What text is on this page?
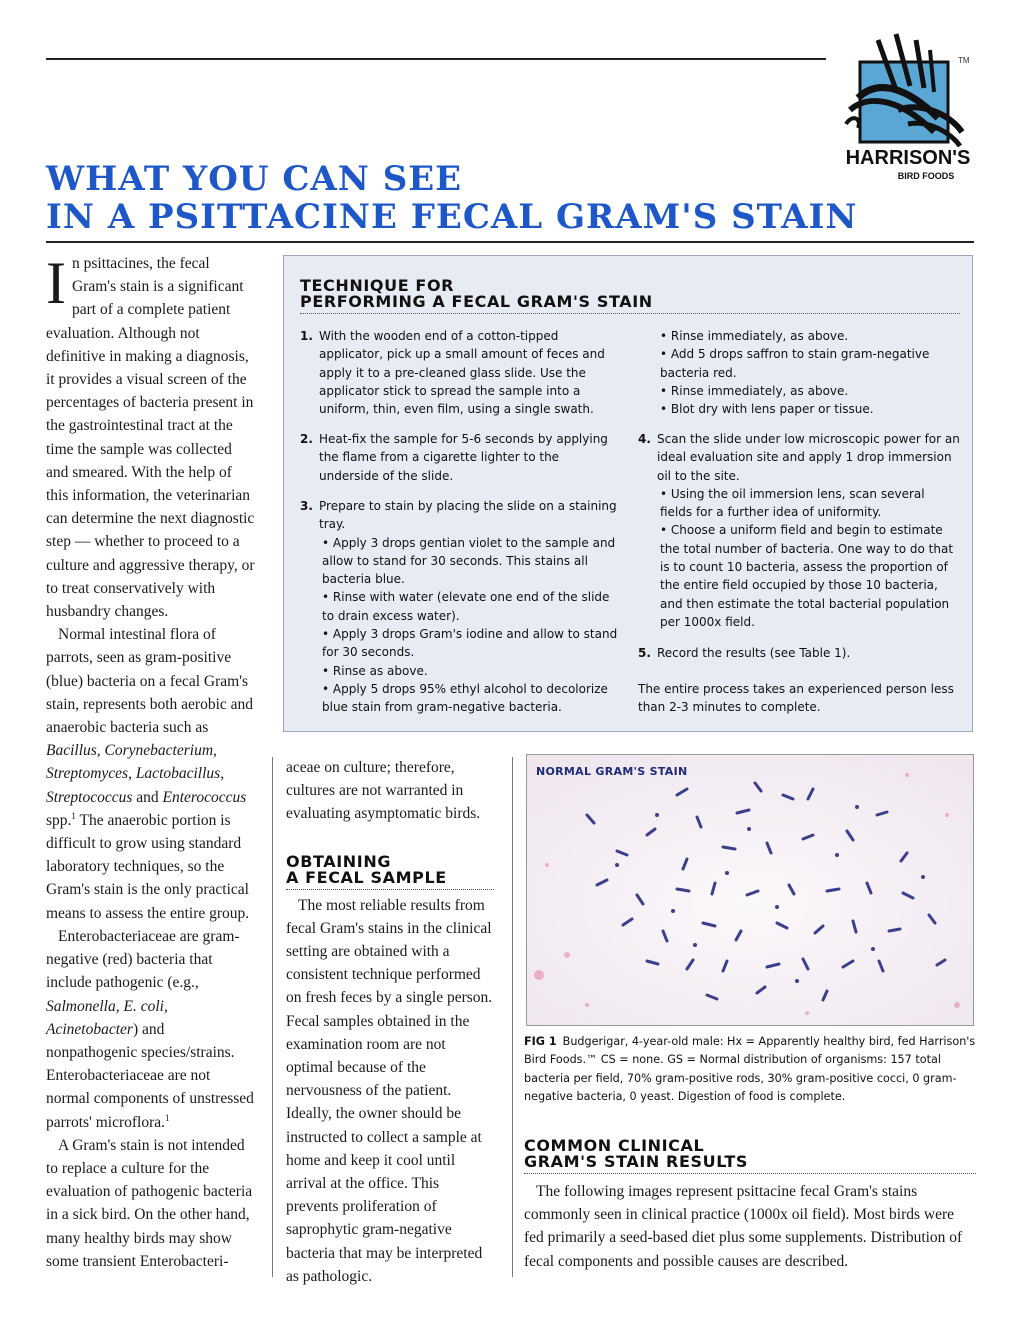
HARRISON'S
BIRD FOODS
TM
WHAT YOU CAN SEE
IN A PSITTACINE FECAL GRAM'S STAIN

In psittacines, the fecal Gram's stain is a significant part of a complete patient evaluation. Although not definitive in making a diagnosis, it provides a visual screen of the percentages of bacteria present in the gastrointestinal tract at the time the sample was collected and smeared. With the help of this information, the veterinarian can determine the next diagnostic step — whether to proceed to a culture and aggressive therapy, or to treat conservatively with husbandry changes.

Normal intestinal flora of parrots, seen as gram-positive (blue) bacteria on a fecal Gram's stain, represents both aerobic and anaerobic bacteria such as Bacillus, Corynebacterium, Streptomyces, Lactobacillus, Streptococcus and Enterococcus spp.$^1$ The anaerobic portion is difficult to grow using standard laboratory techniques, so the Gram's stain is the only practical means to assess the entire group.

Enterobacteriaceae are gram-negative (red) bacteria that include pathogenic (e.g., Salmonella, E. coli, Acinetobacter) and nonpathogenic species/strains. Enterobacteriaceae are not normal components of unstressed parrots' microflora.$^1$

A Gram's stain is not intended to replace a culture for the evaluation of pathogenic bacteria in a sick bird. On the other hand, many healthy birds may show some transient Enterobacteri-

TECHNIQUE FOR
PERFORMING A FECAL GRAM'S STAIN
1. With the wooden end of a cotton-tipped applicator, pick up a small amount of feces and apply it to a pre-cleaned glass slide. Use the applicator stick to spread the sample into a uniform, thin, even film, using a single swath.
2. Heat-fix the sample for 5-6 seconds by applying the flame from a cigarette lighter to the underside of the slide.
3. Prepare to stain by placing the slide on a staining tray.
• Apply 3 drops gentian violet to the sample and allow to stand for 30 seconds. This stains all bacteria blue.
• Rinse with water (elevate one end of the slide to drain excess water).
• Apply 3 drops Gram's iodine and allow to stand for 30 seconds.
• Rinse as above.
• Apply 5 drops 95% ethyl alcohol to decolorize blue stain from gram-negative bacteria.
• Rinse immediately, as above.
• Add 5 drops saffron to stain gram-negative bacteria red.
• Rinse immediately, as above.
• Blot dry with lens paper or tissue.
4. Scan the slide under low microscopic power for an ideal evaluation site and apply 1 drop immersion oil to the site.
• Using the oil immersion lens, scan several fields for a further idea of uniformity.
• Choose a uniform field and begin to estimate the total number of bacteria. One way to do that is to count 10 bacteria, assess the proportion of the entire field occupied by those 10 bacteria, and then estimate the total bacterial population per 1000x field.
5. Record the results (see Table 1).
The entire process takes an experienced person less than 2-3 minutes to complete.
aceae on culture; therefore, cultures are not warranted in evaluating asymptomatic birds.
OBTAINING
A FECAL SAMPLE
The most reliable results from fecal Gram's stains in the clinical setting are obtained with a consistent technique performed on fresh feces by a single person. Fecal samples obtained in the examination room are not optimal because of the nervousness of the patient. Ideally, the owner should be instructed to collect a sample at home and keep it cool until arrival at the office. This prevents proliferation of saprophytic gram-negative bacteria that may be interpreted as pathologic.
NORMAL GRAM'S STAIN
FIG 1 Budgerigar, 4-year-old male: Hx = Apparently healthy bird, fed Harrison's Bird Foods.™ CS = none. GS = Normal distribution of organisms: 157 total bacteria per field, 70% gram-positive rods, 30% gram-positive cocci, 0 gram-negative bacteria, 0 yeast. Digestion of food is complete.
COMMON CLINICAL
GRAM'S STAIN RESULTS
The following images represent psittacine fecal Gram's stains commonly seen in clinical practice (1000x oil field). Most birds were fed primarily a seed-based diet plus some supplements. Distribution of fecal components and possible causes are described.
